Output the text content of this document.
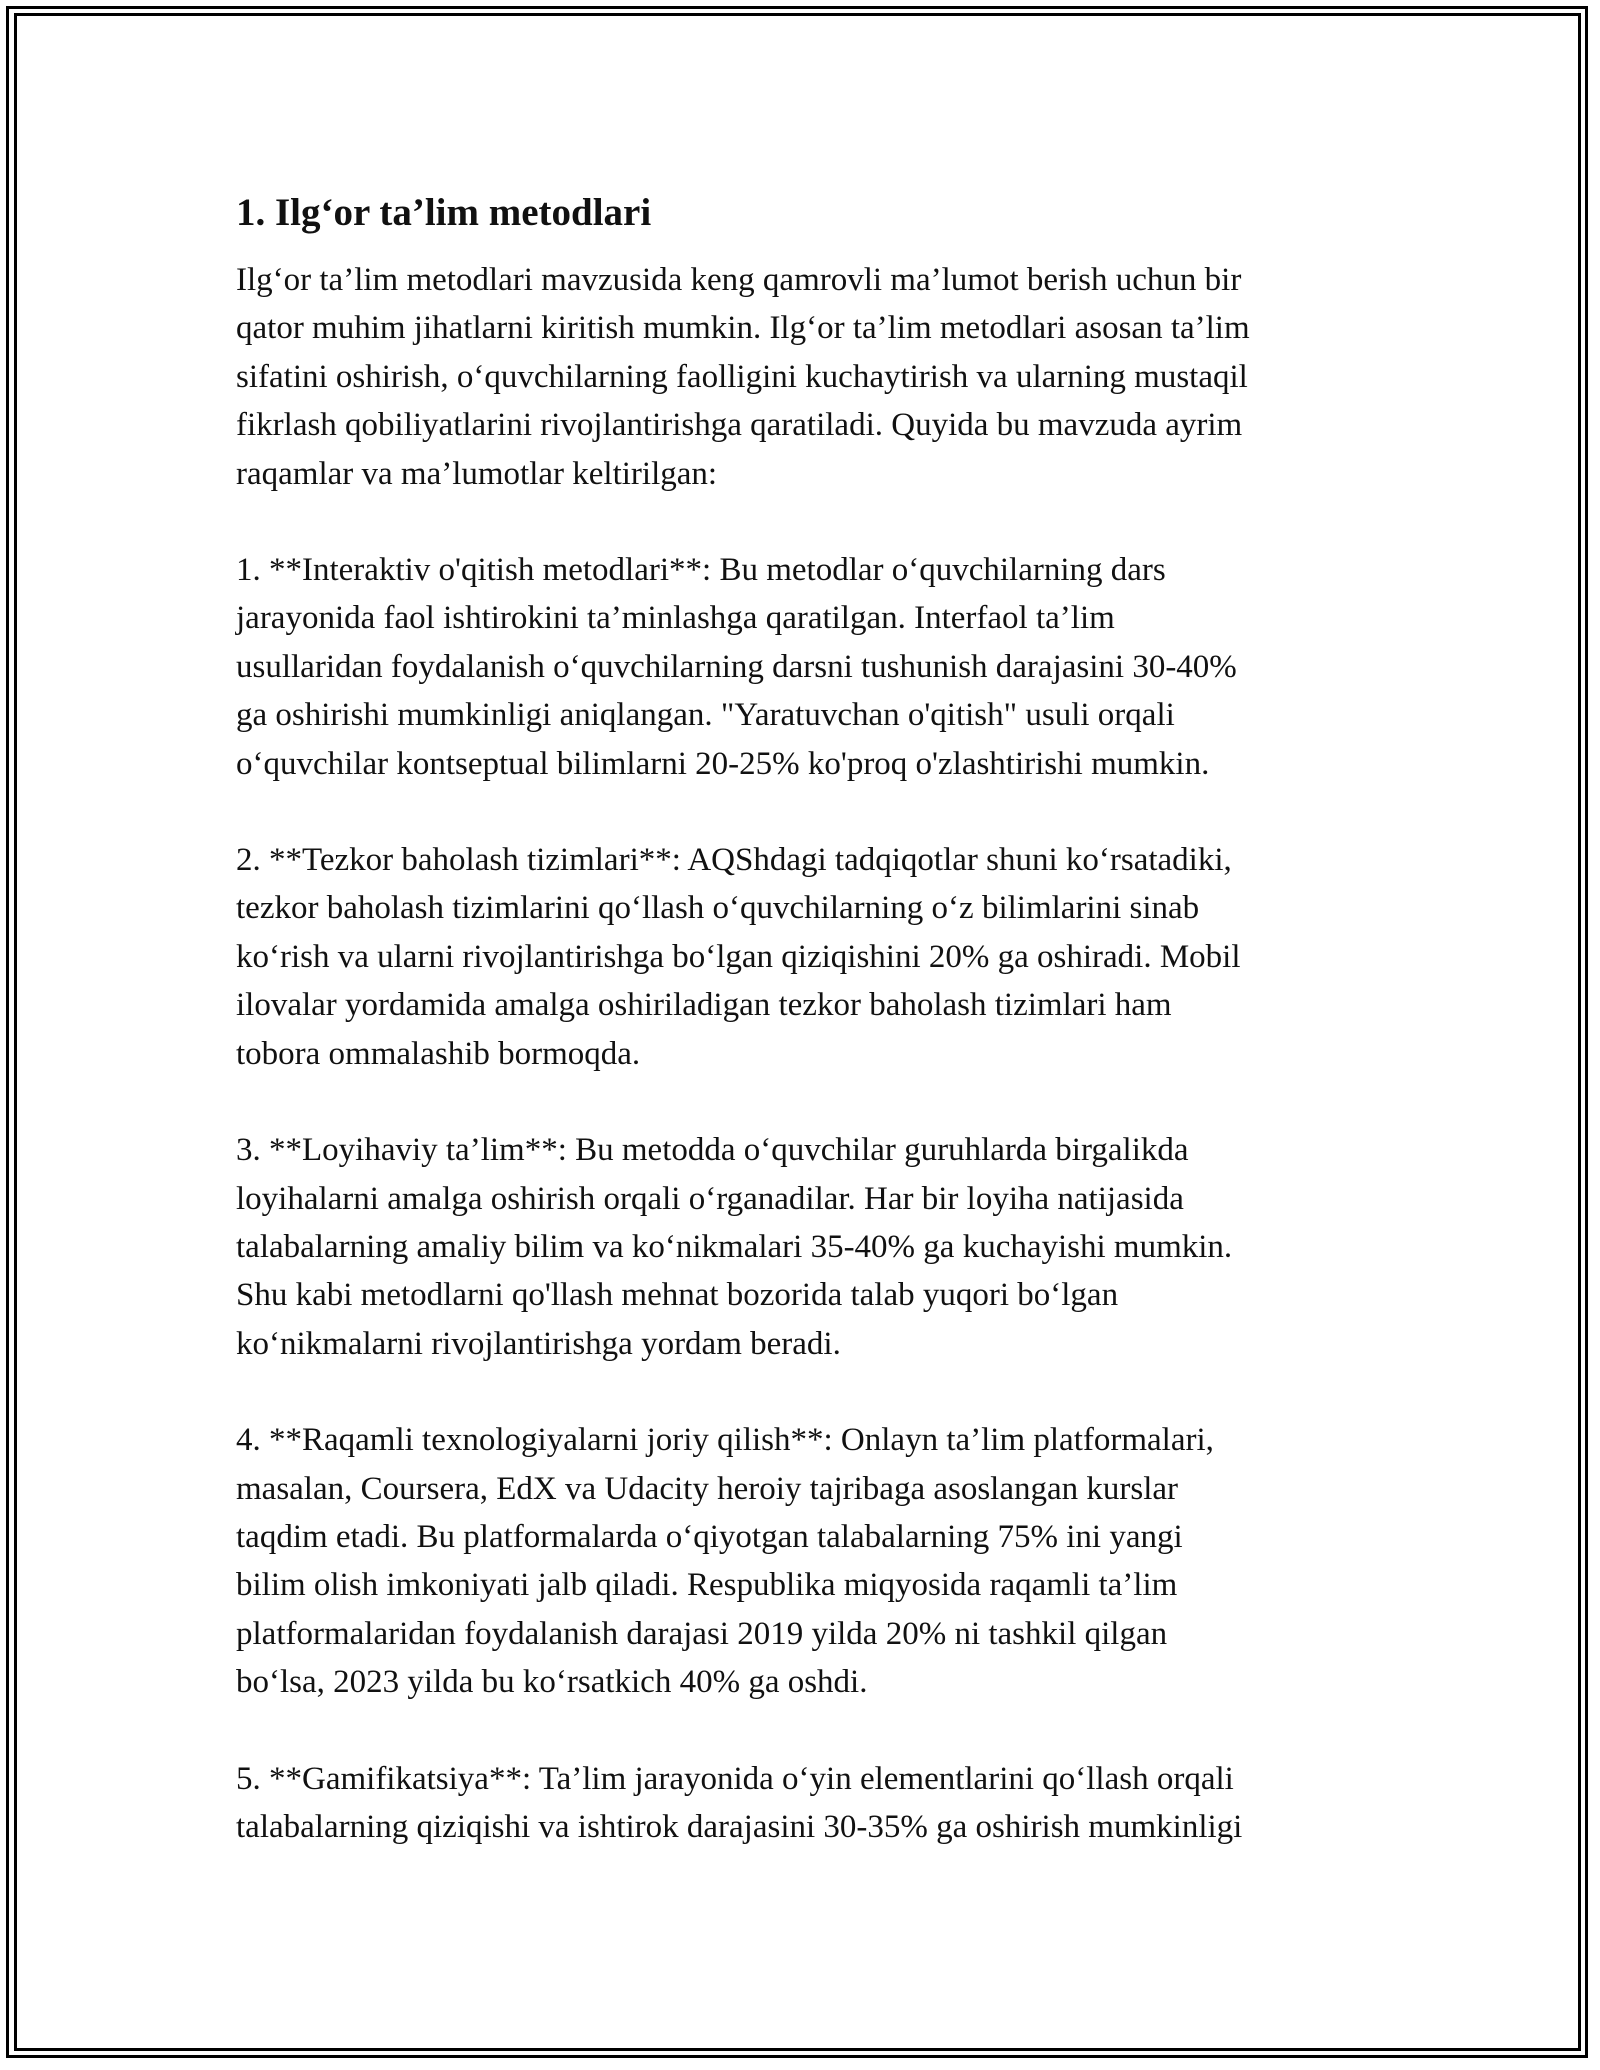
1. Ilg‘or ta’lim metodlari

Ilg‘or ta’lim metodlari mavzusida keng qamrovli ma’lumot berish uchun bir
qator muhim jihatlarni kiritish mumkin. Ilg‘or ta’lim metodlari asosan ta’lim
sifatini oshirish, o‘quvchilarning faolligini kuchaytirish va ularning mustaqil
fikrlash qobiliyatlarini rivojlantirishga qaratiladi. Quyida bu mavzuda ayrim
raqamlar va ma’lumotlar keltirilgan:

1. **Interaktiv o'qitish metodlari**: Bu metodlar o‘quvchilarning dars
jarayonida faol ishtirokini ta’minlashga qaratilgan. Interfaol ta’lim
usullaridan foydalanish o‘quvchilarning darsni tushunish darajasini 30-40%
ga oshirishi mumkinligi aniqlangan. "Yaratuvchan o'qitish" usuli orqali
o‘quvchilar kontseptual bilimlarni 20-25% ko'proq o'zlashtirishi mumkin.

2. **Tezkor baholash tizimlari**: AQShdagi tadqiqotlar shuni ko‘rsatadiki,
tezkor baholash tizimlarini qo‘llash o‘quvchilarning o‘z bilimlarini sinab
ko‘rish va ularni rivojlantirishga bo‘lgan qiziqishini 20% ga oshiradi. Mobil
ilovalar yordamida amalga oshiriladigan tezkor baholash tizimlari ham
tobora ommalashib bormoqda.

3. **Loyihaviy ta’lim**: Bu metodda o‘quvchilar guruhlarda birgalikda
loyihalarni amalga oshirish orqali o‘rganadilar. Har bir loyiha natijasida
talabalarning amaliy bilim va ko‘nikmalari 35-40% ga kuchayishi mumkin.
Shu kabi metodlarni qo'llash mehnat bozorida talab yuqori bo‘lgan
ko‘nikmalarni rivojlantirishga yordam beradi.

4. **Raqamli texnologiyalarni joriy qilish**: Onlayn ta’lim platformalari,
masalan, Coursera, EdX va Udacity heroiy tajribaga asoslangan kurslar
taqdim etadi. Bu platformalarda o‘qiyotgan talabalarning 75% ini yangi
bilim olish imkoniyati jalb qiladi. Respublika miqyosida raqamli ta’lim
platformalaridan foydalanish darajasi 2019 yilda 20% ni tashkil qilgan
bo‘lsa, 2023 yilda bu ko‘rsatkich 40% ga oshdi.

5. **Gamifikatsiya**: Ta’lim jarayonida o‘yin elementlarini qo‘llash orqali
talabalarning qiziqishi va ishtirok darajasini 30-35% ga oshirish mumkinligi
